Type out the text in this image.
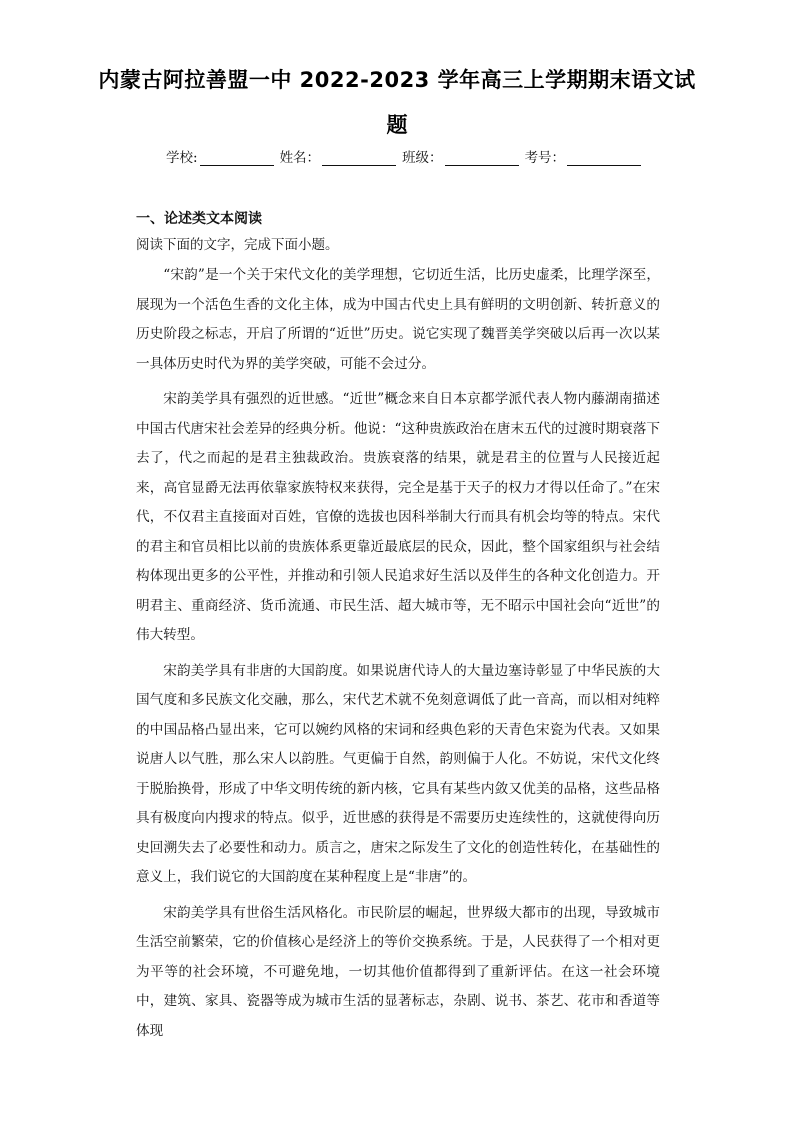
内蒙古阿拉善盟一中 2022-2023 学年高三上学期期末语文试
题
学校:	姓名：	班级：	考号：
一、论述类文本阅读
阅读下面的文字，完成下面小题。

“宋韵”是一个关于宋代文化的美学理想，它切近生活，比历史虚柔，比理学深至，展现为一个活色生香的文化主体，成为中国古代史上具有鲜明的文明创新、转折意义的历史阶段之标志，开启了所谓的“近世”历史。说它实现了魏晋美学突破以后再一次以某一具体历史时代为界的美学突破，可能不会过分。

宋韵美学具有强烈的近世感。“近世”概念来自日本京都学派代表人物内藤湖南描述中国古代唐宋社会差异的经典分析。他说：“这种贵族政治在唐末五代的过渡时期衰落下去了，代之而起的是君主独裁政治。贵族衰落的结果，就是君主的位置与人民接近起来，高官显爵无法再依靠家族特权来获得，完全是基于天子的权力才得以任命了。”在宋代，不仅君主直接面对百姓，官僚的选拔也因科举制大行而具有机会均等的特点。宋代的君主和官员相比以前的贵族体系更靠近最底层的民众，因此，整个国家组织与社会结构体现出更多的公平性，并推动和引领人民追求好生活以及伴生的各种文化创造力。开明君主、重商经济、货币流通、市民生活、超大城市等，无不昭示中国社会向“近世”的伟大转型。

宋韵美学具有非唐的大国韵度。如果说唐代诗人的大量边塞诗彰显了中华民族的大国气度和多民族文化交融，那么，宋代艺术就不免刻意调低了此一音高，而以相对纯粹的中国品格凸显出来，它可以婉约风格的宋词和经典色彩的天青色宋瓷为代表。又如果说唐人以气胜，那么宋人以韵胜。气更偏于自然，韵则偏于人化。不妨说，宋代文化终于脱胎换骨，形成了中华文明传统的新内核，它具有某些内敛又优美的品格，这些品格具有极度向内搜求的特点。似乎，近世感的获得是不需要历史连续性的，这就使得向历史回溯失去了必要性和动力。质言之，唐宋之际发生了文化的创造性转化，在基础性的意义上，我们说它的大国韵度在某种程度上是“非唐”的。

宋韵美学具有世俗生活风格化。市民阶层的崛起，世界级大都市的出现，导致城市生活空前繁荣，它的价值核心是经济上的等价交换系统。于是，人民获得了一个相对更为平等的社会环境，不可避免地，一切其他价值都得到了重新评估。在这一社会环境中，建筑、家具、瓷器等成为城市生活的显著标志，杂剧、说书、茶艺、花市和香道等体现
